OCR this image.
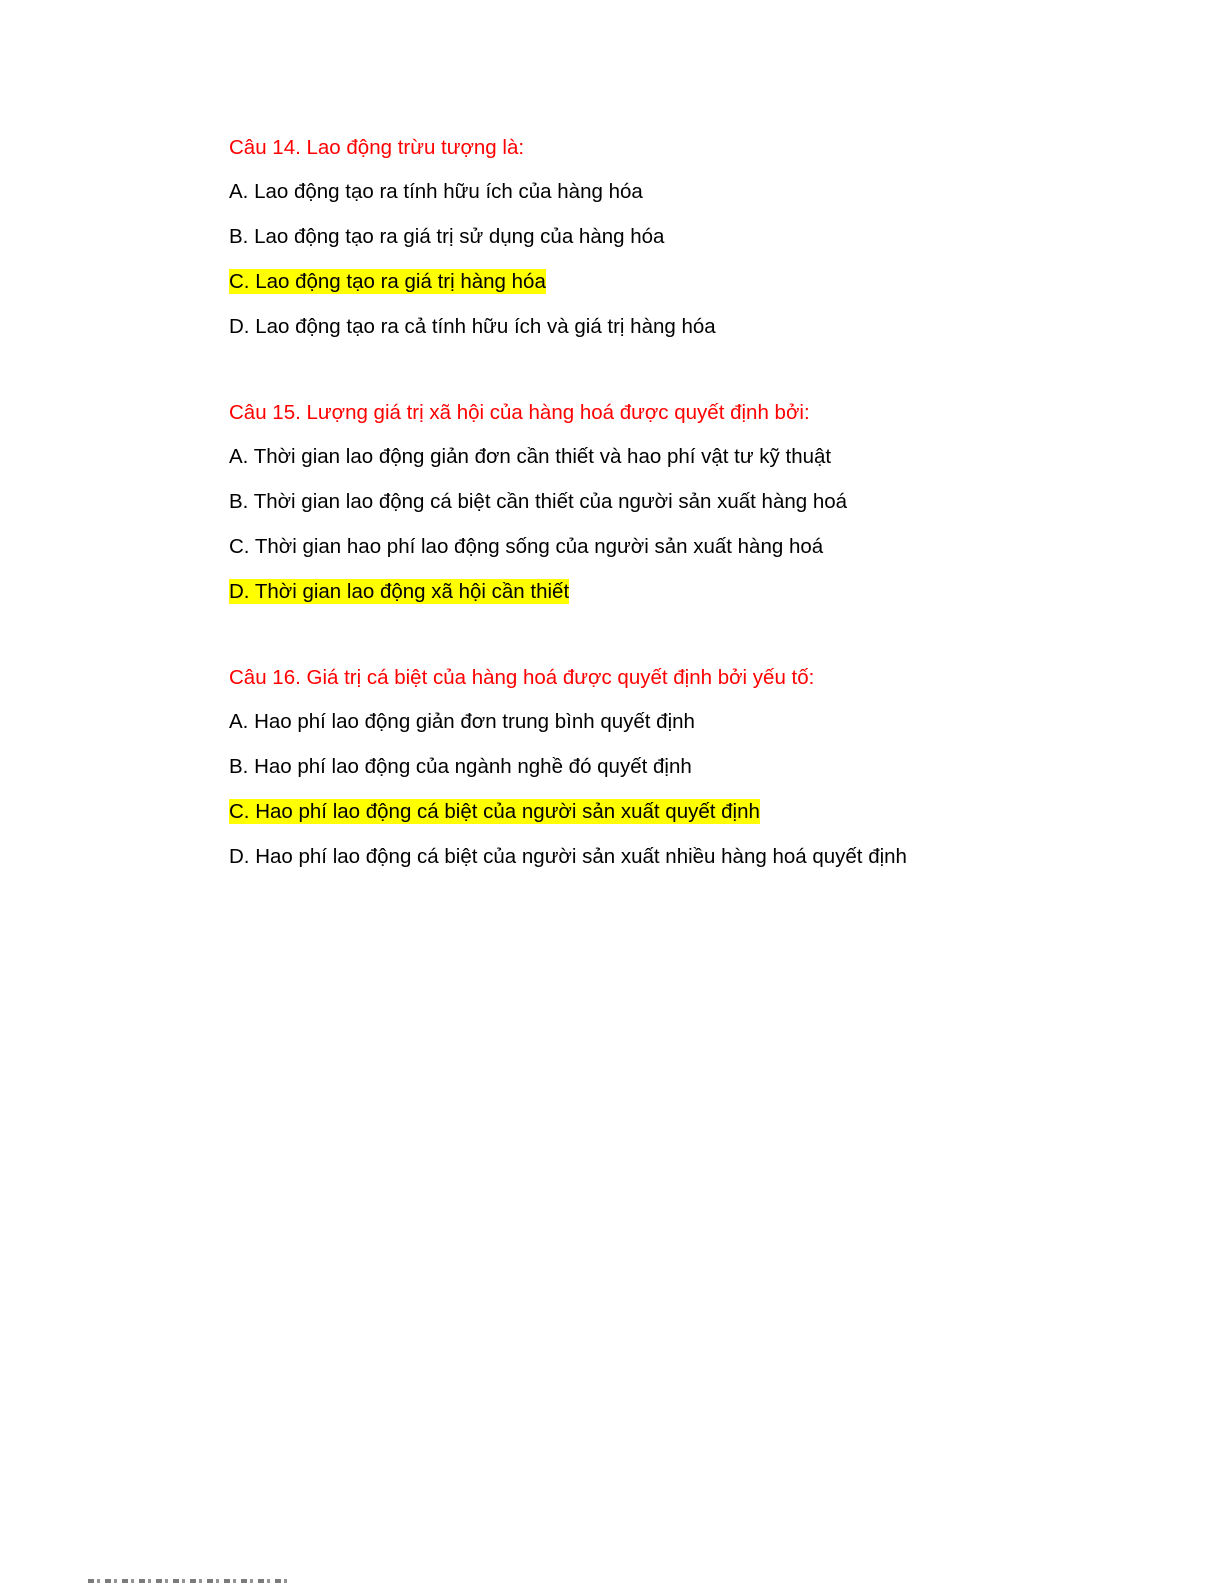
Câu 14. Lao động trừu tượng là:

A. Lao động tạo ra tính hữu ích của hàng hóa

B. Lao động tạo ra giá trị sử dụng của hàng hóa

C. Lao động tạo ra giá trị hàng hóa

D. Lao động tạo ra cả tính hữu ích và giá trị hàng hóa

Câu 15. Lượng giá trị xã hội của hàng hoá được quyết định bởi:

A. Thời gian lao động giản đơn cần thiết và hao phí vật tư kỹ thuật

B. Thời gian lao động cá biệt cần thiết của người sản xuất hàng hoá

C. Thời gian hao phí lao động sống của người sản xuất hàng hoá

D. Thời gian lao động xã hội cần thiết

Câu 16. Giá trị cá biệt của hàng hoá được quyết định bởi yếu tố:

A. Hao phí lao động giản đơn trung bình quyết định

B. Hao phí lao động của ngành nghề đó quyết định

C. Hao phí lao động cá biệt của người sản xuất quyết định

D. Hao phí lao động cá biệt của người sản xuất nhiều hàng hoá quyết định
